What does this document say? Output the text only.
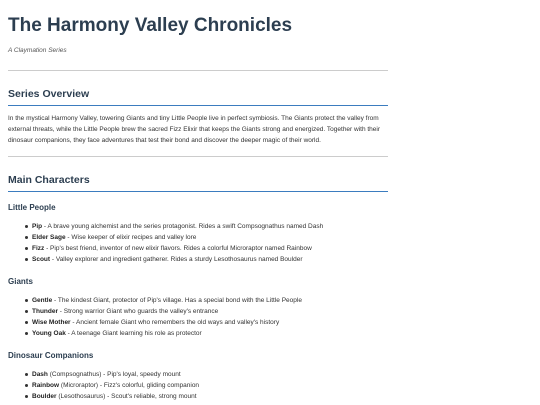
The Harmony Valley Chronicles
A Claymation Series
Series Overview

In the mystical Harmony Valley, towering Giants and tiny Little People live in perfect symbiosis. The Giants protect the valley from external threats, while the Little People brew the sacred Fizz Elixir that keeps the Giants strong and energized. Together with their dinosaur companions, they face adventures that test their bond and discover the deeper magic of their world.

Main Characters
Little People
Pip - A brave young alchemist and the series protagonist. Rides a swift Compsognathus named Dash
Elder Sage - Wise keeper of elixir recipes and valley lore
Fizz - Pip's best friend, inventor of new elixir flavors. Rides a colorful Microraptor named Rainbow
Scout - Valley explorer and ingredient gatherer. Rides a sturdy Lesothosaurus named Boulder
Giants
Gentle - The kindest Giant, protector of Pip's village. Has a special bond with the Little People
Thunder - Strong warrior Giant who guards the valley's entrance
Wise Mother - Ancient female Giant who remembers the old ways and valley's history
Young Oak - A teenage Giant learning his role as protector
Dinosaur Companions
Dash (Compsognathus) - Pip's loyal, speedy mount
Rainbow (Microraptor) - Fizz's colorful, gliding companion
Boulder (Lesothosaurus) - Scout's reliable, strong mount
